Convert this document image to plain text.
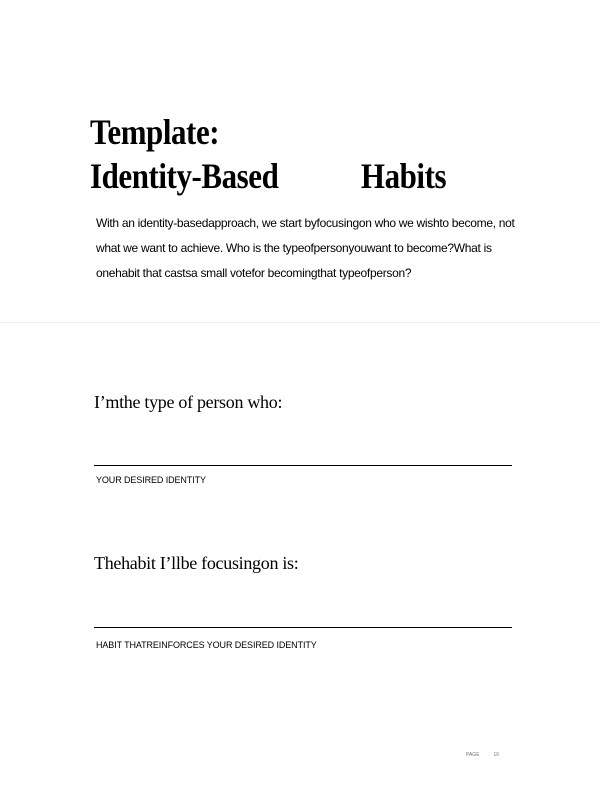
Template:
Identity-Based Habits

With an identity-basedapproach, we start byfocusingon who we wishto become, not what we want to achieve. Who is the typeofpersonyouwant to become?What is onehabit that castsa small votefor becomingthat typeofperson?

I’mthe type of person who:

YOUR DESIRED IDENTITY

Thehabit I’llbe focusingon is:

HABIT THATREINFORCES YOUR DESIRED IDENTITY

PAGE	16
